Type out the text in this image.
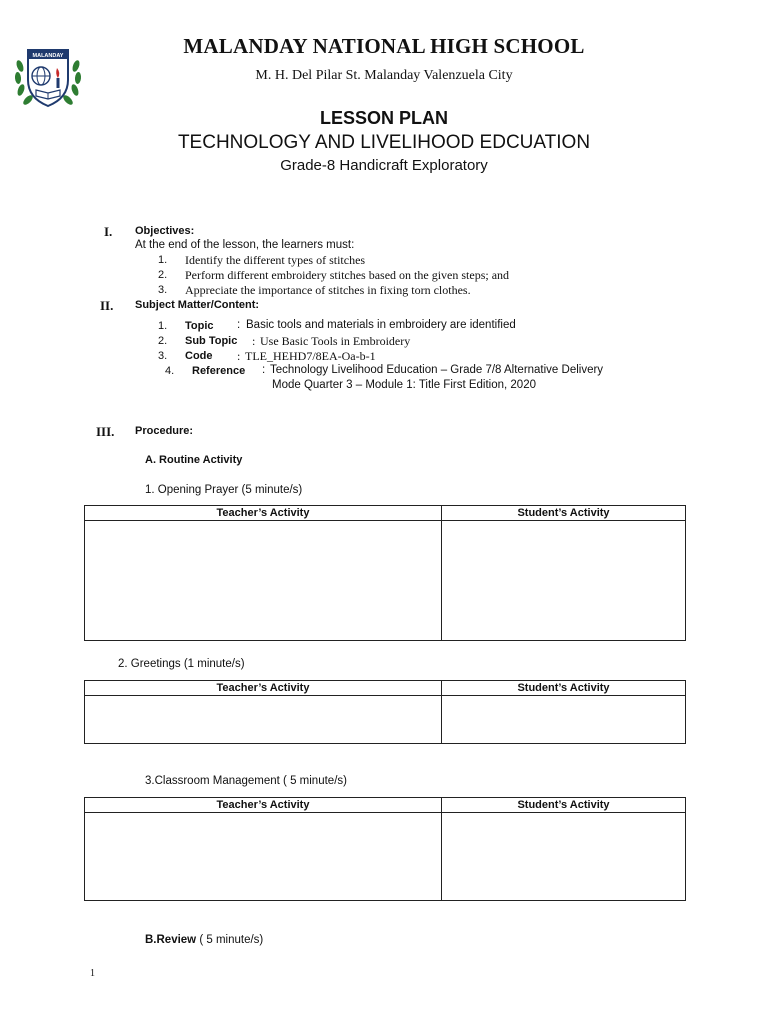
MALANDAY	MALANDAY NATIONAL HIGH SCHOOL
M. H. Del Pilar St. Malanday Valenzuela City
LESSON PLAN
TECHNOLOGY AND LIVELIHOOD EDCUATION
Grade-8 Handicraft Exploratory
I. Objectives:
At the end of the lesson, the learners must:
1. Identify the different types of stitches
2. Perform different embroidery stitches based on the given steps; and
3. Appreciate the importance of stitches in fixing torn clothes.
II. Subject Matter/Content:
1. Topic : Basic tools and materials in embroidery are identified
2. Sub Topic : Use Basic Tools in Embroidery
3. Code : TLE_HEHD7/8EA-Oa-b-1
4. Reference : Technology Livelihood Education – Grade 7/8 Alternative Delivery
Mode Quarter 3 – Module 1: Title First Edition, 2020
III. Procedure:
A. Routine Activity
1. Opening Prayer (5 minute/s)
Teacher’s Activity	Student’s Activity

2. Greetings (1 minute/s)
Teacher’s Activity	Student’s Activity

3.Classroom Management ( 5 minute/s)
Teacher’s Activity	Student’s Activity

B.Review ( 5 minute/s)
1
